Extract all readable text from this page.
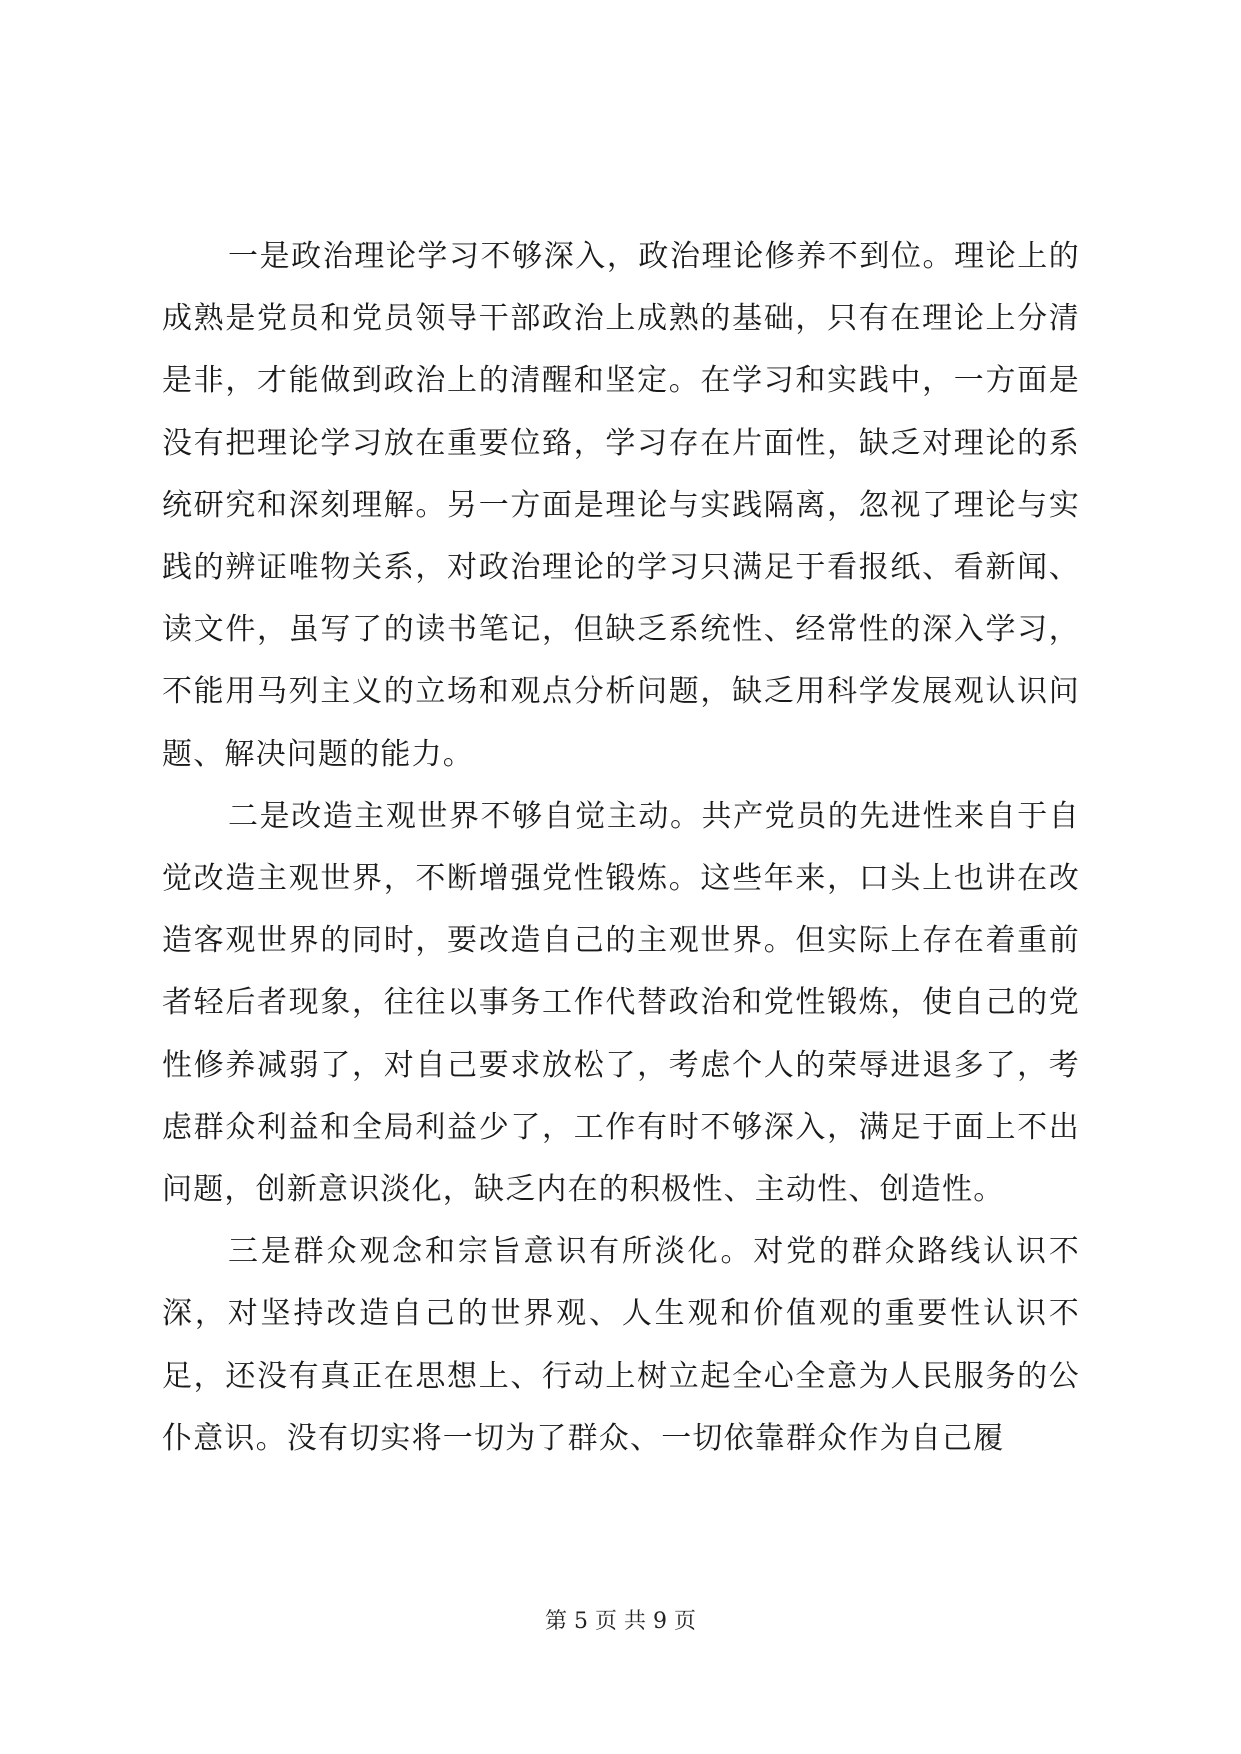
一是政治理论学习不够深入，政治理论修养不到位。理论上的成熟是党员和党员领导干部政治上成熟的基础，只有在理论上分清是非，才能做到政治上的清醒和坚定。在学习和实践中，一方面是没有把理论学习放在重要位臵，学习存在片面性，缺乏对理论的系统研究和深刻理解。另一方面是理论与实践隔离，忽视了理论与实践的辨证唯物关系，对政治理论的学习只满足于看报纸、看新闻、读文件，虽写了的读书笔记，但缺乏系统性、经常性的深入学习，不能用马列主义的立场和观点分析问题，缺乏用科学发展观认识问题、解决问题的能力。

二是改造主观世界不够自觉主动。共产党员的先进性来自于自觉改造主观世界，不断增强党性锻炼。这些年来，口头上也讲在改造客观世界的同时，要改造自己的主观世界。但实际上存在着重前者轻后者现象，往往以事务工作代替政治和党性锻炼，使自己的党性修养减弱了，对自己要求放松了，考虑个人的荣辱进退多了，考虑群众利益和全局利益少了，工作有时不够深入，满足于面上不出问题，创新意识淡化，缺乏内在的积极性、主动性、创造性。

三是群众观念和宗旨意识有所淡化。对党的群众路线认识不深，对坚持改造自己的世界观、人生观和价值观的重要性认识不足，还没有真正在思想上、行动上树立起全心全意为人民服务的公仆意识。没有切实将一切为了群众、一切依靠群众作为自己履

第 5 页 共 9 页
